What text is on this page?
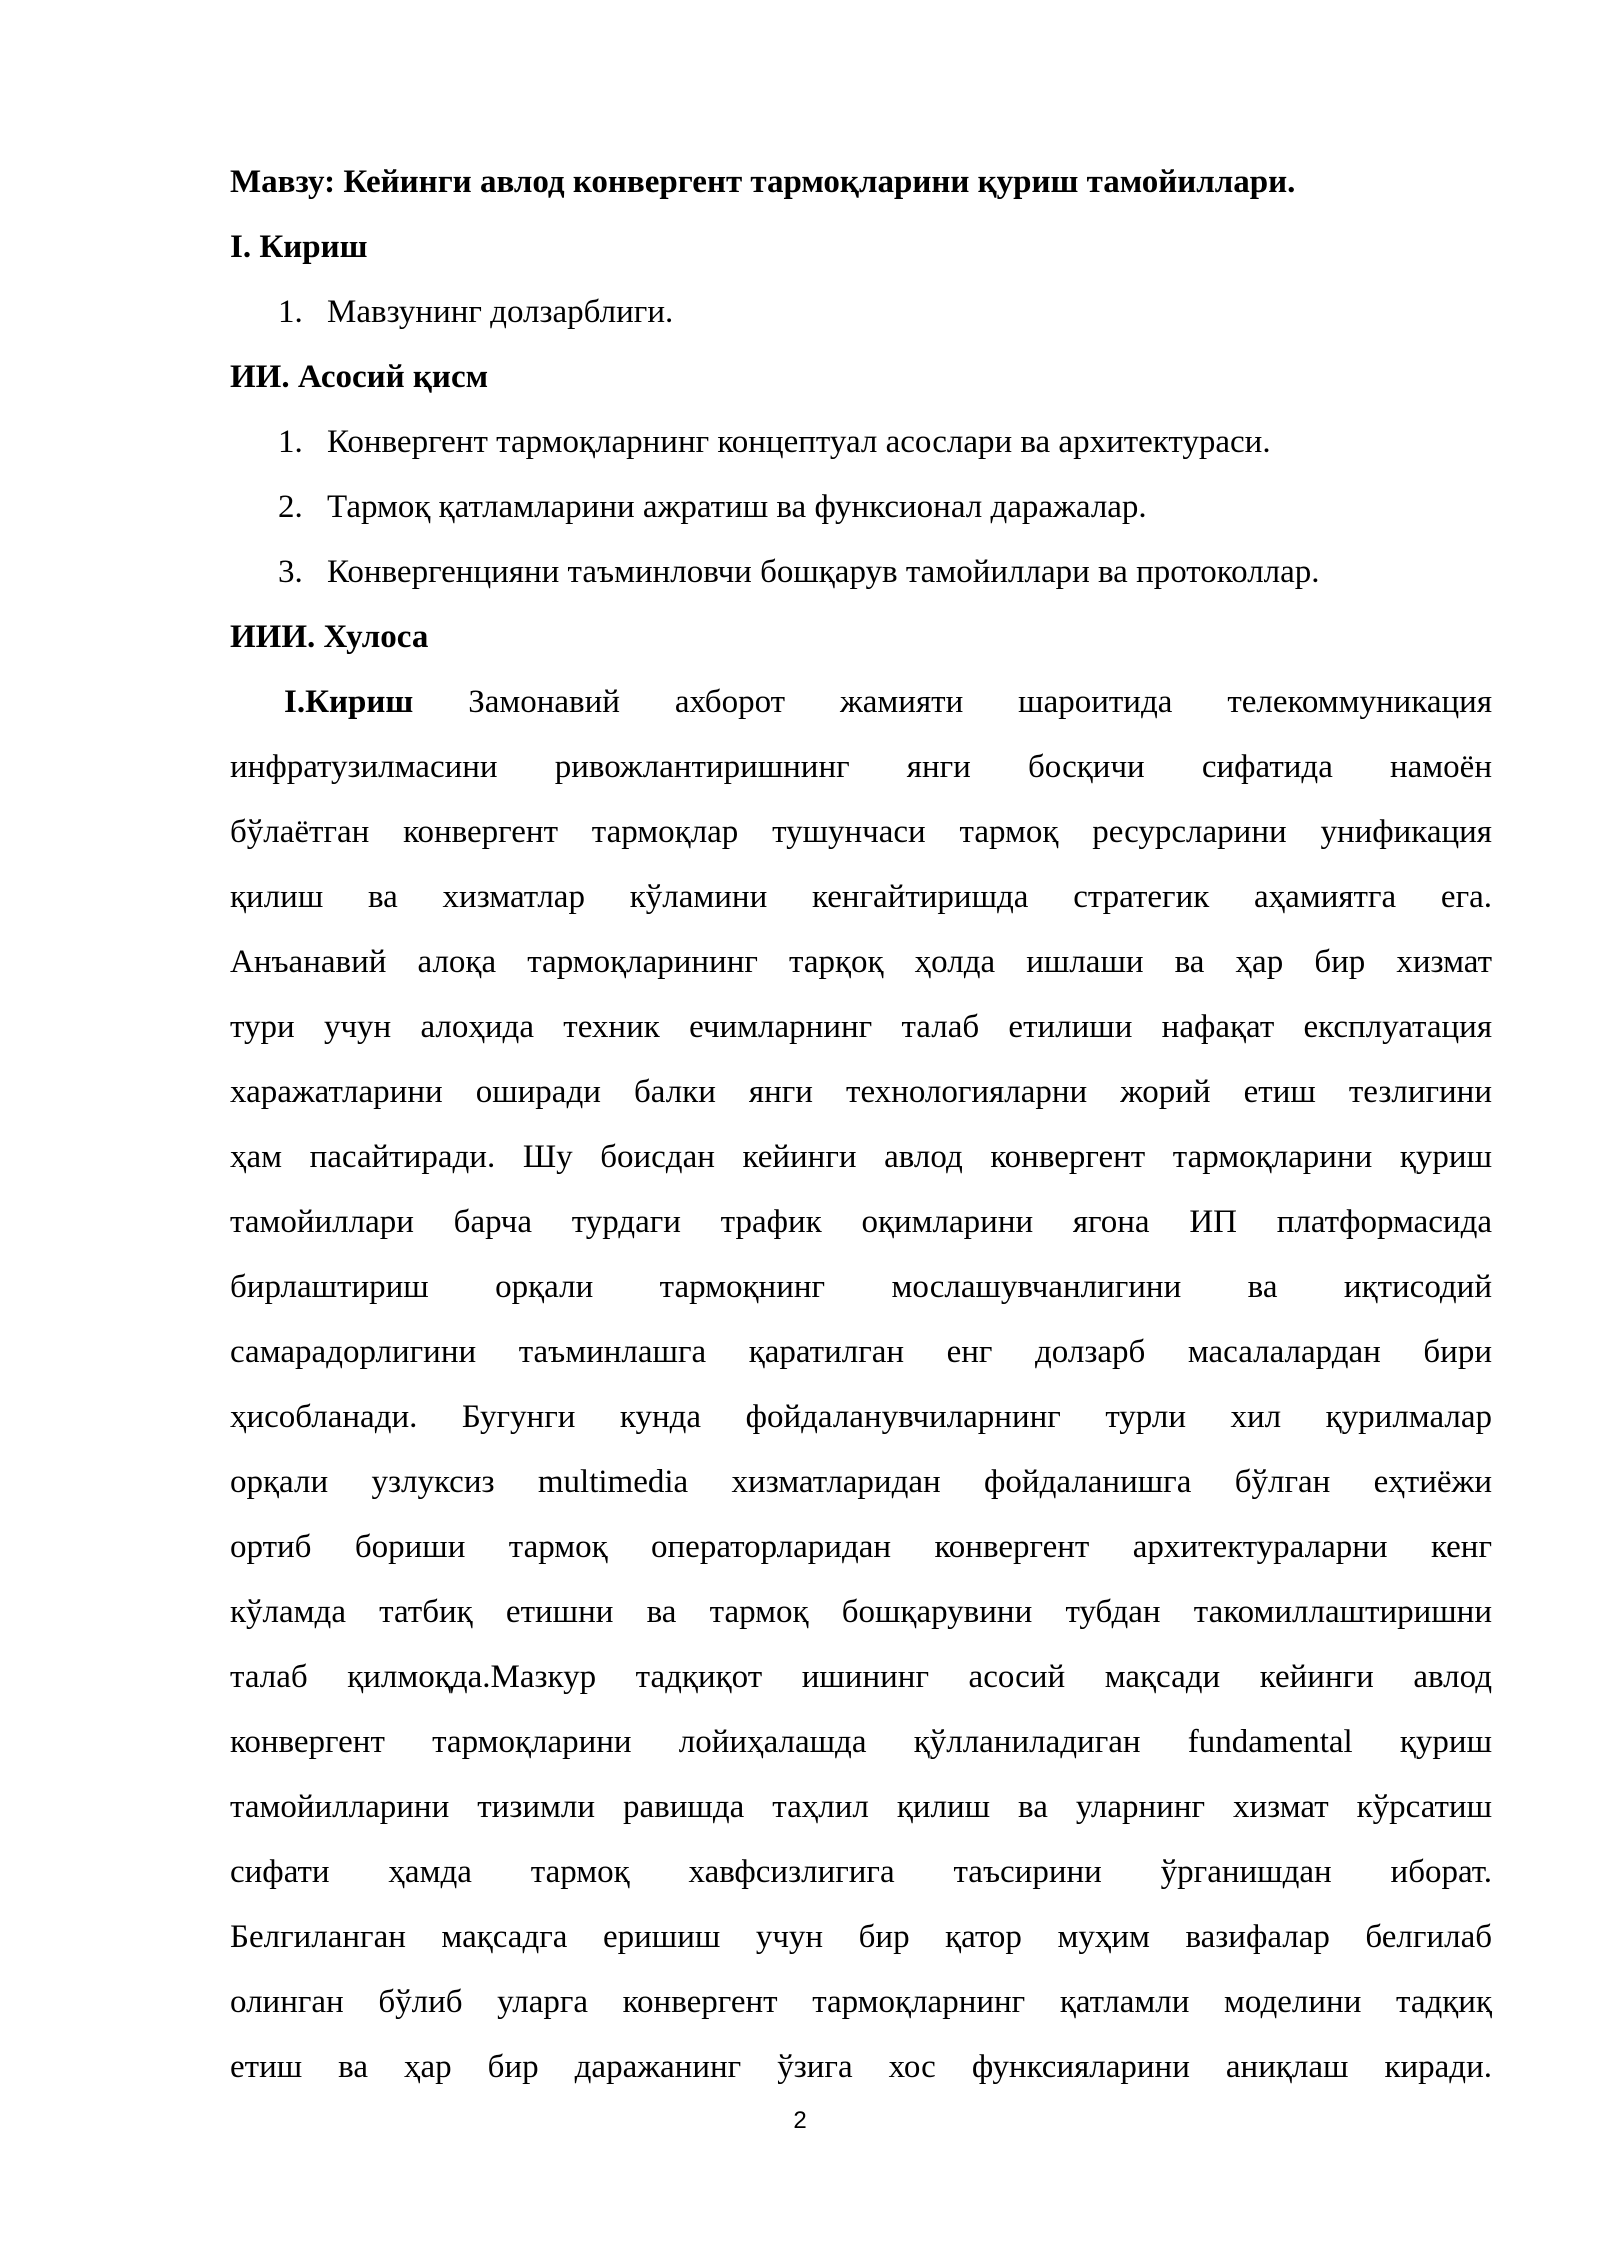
Мавзу: Кейинги авлод конвергент тармоқларини қуриш тамойиллари.

I. Кириш

1. Мавзунинг долзарблиги.

ИИ. Асосий қисм

1. Конвергент тармоқларнинг концептуал асослари ва архитектураси.
2. Тармоқ қатламларини ажратиш ва функсионал даражалар.
3. Конвергенцияни таъминловчи бошқарув тамойиллари ва протоколлар.

ИИИ. Хулоса

I.Кириш Замонавий ахборот жамияти шароитида телекоммуникация

инфратузилмасини ривожлантиришнинг янги босқичи сифатида намоён

бўлаётган конвергент тармоқлар тушунчаси тармоқ ресурсларини унификация

қилиш ва хизматлар кўламини кенгайтиришда стратегик аҳамиятга ега.

Анъанавий алоқа тармоқларининг тарқоқ ҳолда ишлаши ва ҳар бир хизмат

тури учун алоҳида техник ечимларнинг талаб етилиши нафақат експлуатация

харажатларини оширади балки янги технологияларни жорий етиш тезлигини

ҳам пасайтиради. Шу боисдан кейинги авлод конвергент тармоқларини қуриш

тамойиллари барча турдаги трафик оқимларини ягона ИП платформасида

бирлаштириш орқали тармоқнинг мослашувчанлигини ва иқтисодий

самарадорлигини таъминлашга қаратилган енг долзарб масалалардан бири

ҳисобланади. Бугунги кунда фойдаланувчиларнинг турли хил қурилмалар

орқали узлуксиз multimedia хизматларидан фойдаланишга бўлган еҳтиёжи

ортиб бориши тармоқ операторларидан конвергент архитектураларни кенг

кўламда татбиқ етишни ва тармоқ бошқарувини тубдан такомиллаштиришни

талаб қилмоқда.Мазкур тадқиқот ишининг асосий мақсади кейинги авлод

конвергент тармоқларини лойиҳалашда қўлланиладиган fundamental қуриш

тамойилларини тизимли равишда таҳлил қилиш ва уларнинг хизмат кўрсатиш

сифати ҳамда тармоқ хавфсизлигига таъсирини ўрганишдан иборат.

Белгиланган мақсадга еришиш учун бир қатор муҳим вазифалар белгилаб

олинган бўлиб уларга конвергент тармоқларнинг қатламли моделини тадқиқ

етиш ва ҳар бир даражанинг ўзига хос функсияларини аниқлаш киради.

2
